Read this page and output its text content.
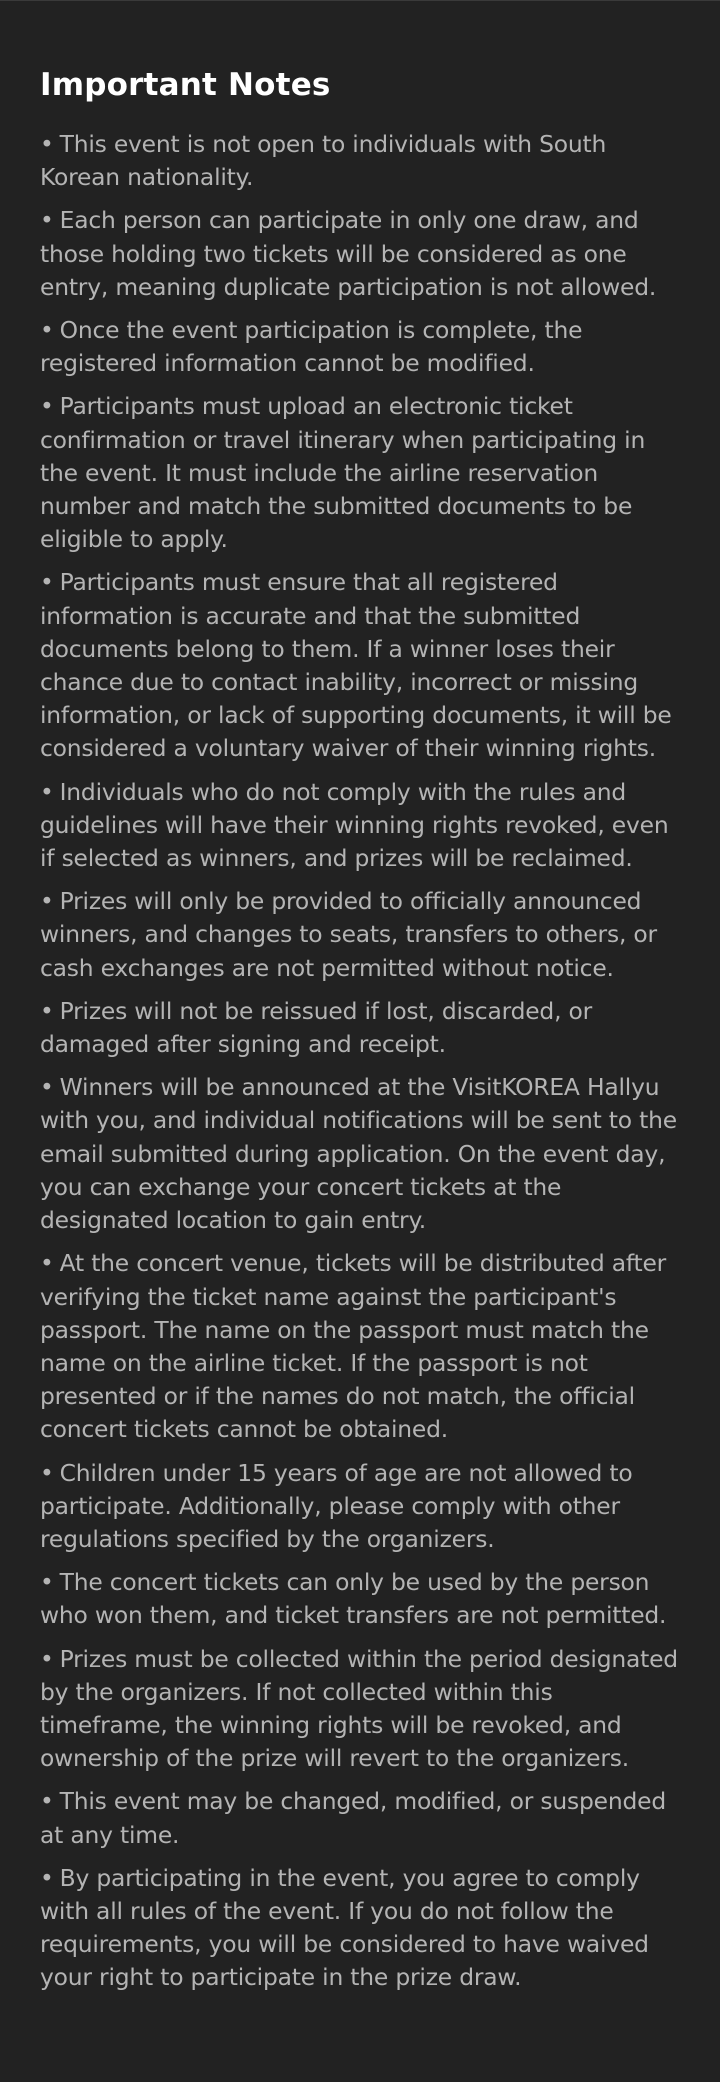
Important Notes
• This event is not open to individuals with South Korean nationality.
• Each person can participate in only one draw, and those holding two tickets will be considered as one entry, meaning duplicate participation is not allowed.
• Once the event participation is complete, the registered information cannot be modified.
• Participants must upload an electronic ticket confirmation or travel itinerary when participating in the event. It must include the airline reservation number and match the submitted documents to be eligible to apply.
• Participants must ensure that all registered information is accurate and that the submitted documents belong to them. If a winner loses their chance due to contact inability, incorrect or missing information, or lack of supporting documents, it will be considered a voluntary waiver of their winning rights.
• Individuals who do not comply with the rules and guidelines will have their winning rights revoked, even if selected as winners, and prizes will be reclaimed.
• Prizes will only be provided to officially announced winners, and changes to seats, transfers to others, or cash exchanges are not permitted without notice.
• Prizes will not be reissued if lost, discarded, or damaged after signing and receipt.
• Winners will be announced at the VisitKOREA Hallyu with you, and individual notifications will be sent to the email submitted during application. On the event day, you can exchange your concert tickets at the designated location to gain entry.
• At the concert venue, tickets will be distributed after verifying the ticket name against the participant's passport. The name on the passport must match the name on the airline ticket. If the passport is not presented or if the names do not match, the official concert tickets cannot be obtained.
• Children under 15 years of age are not allowed to participate. Additionally, please comply with other regulations specified by the organizers.
• The concert tickets can only be used by the person who won them, and ticket transfers are not permitted.
• Prizes must be collected within the period designated by the organizers. If not collected within this timeframe, the winning rights will be revoked, and ownership of the prize will revert to the organizers.
• This event may be changed, modified, or suspended at any time.
• By participating in the event, you agree to comply with all rules of the event. If you do not follow the requirements, you will be considered to have waived your right to participate in the prize draw.
